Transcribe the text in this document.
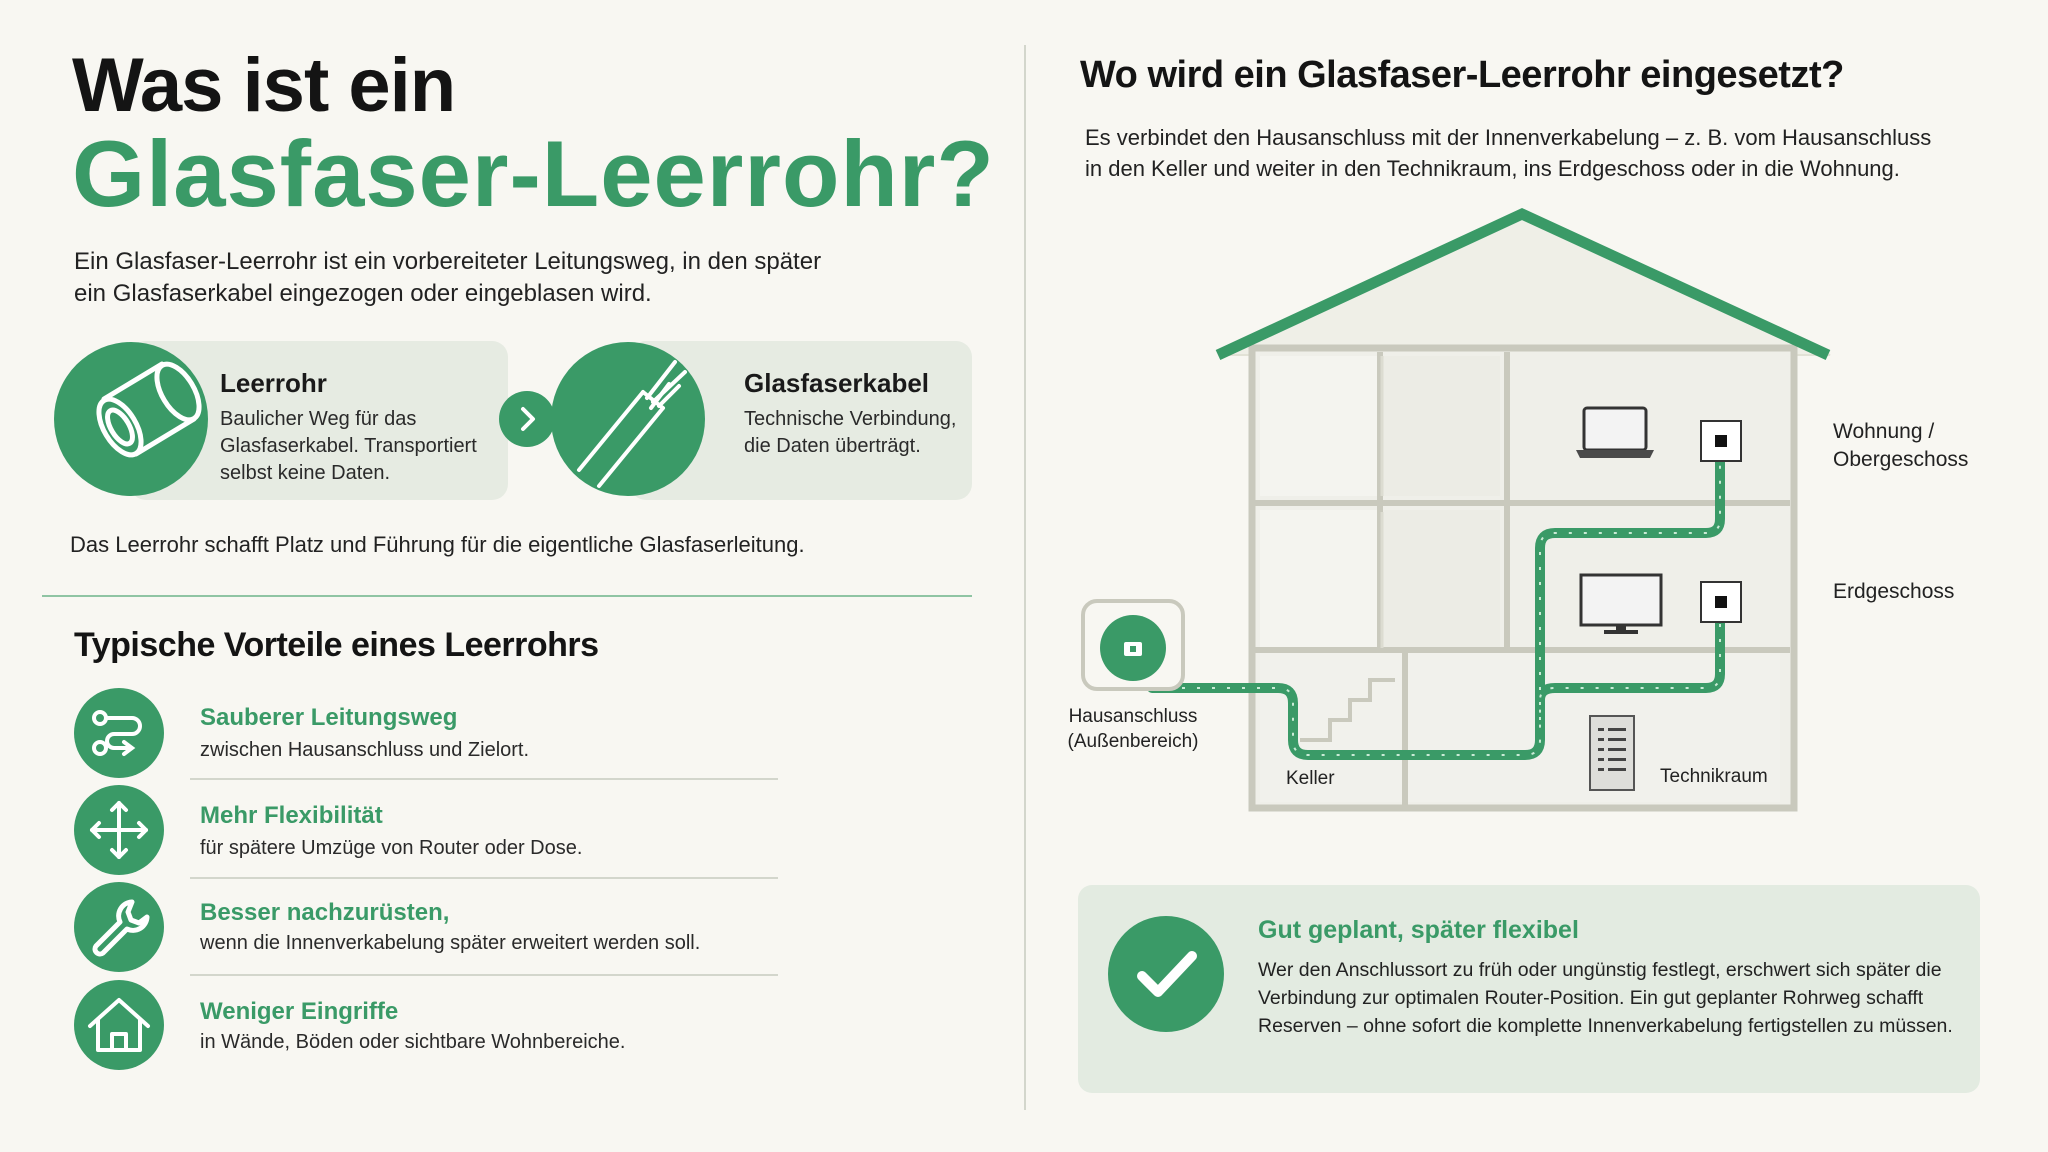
Was ist ein
Glasfaser-Leerrohr?
Ein Glasfaser-Leerrohr ist ein vorbereiteter Leitungsweg, in den später ein Glasfaserkabel eingezogen oder eingeblasen wird.
Leerrohr
Baulicher Weg für das Glasfaserkabel. Transportiert selbst keine Daten.
Glasfaserkabel
Technische Verbindung, die Daten überträgt.
Das Leerrohr schafft Platz und Führung für die eigentliche Glasfaserleitung.
Typische Vorteile eines Leerrohrs
Sauberer Leitungsweg
zwischen Hausanschluss und Zielort.
Mehr Flexibilität
für spätere Umzüge von Router oder Dose.
Besser nachzurüsten,
wenn die Innenverkabelung später erweitert werden soll.
Weniger Eingriffe
in Wände, Böden oder sichtbare Wohnbereiche.
Wo wird ein Glasfaser-Leerrohr eingesetzt?
Es verbindet den Hausanschluss mit der Innenverkabelung – z. B. vom Hausanschluss in den Keller und weiter in den Technikraum, ins Erdgeschoss oder in die Wohnung.
Wohnung /
Obergeschoss
Erdgeschoss
Hausanschluss
(Außenbereich)
Keller	Technikraum
Gut geplant, später flexibel
Wer den Anschlussort zu früh oder ungünstig festlegt, erschwert sich später die Verbindung zur optimalen Router-Position. Ein gut geplanter Rohrweg schafft Reserven – ohne sofort die komplette Innenverkabelung fertigstellen zu müssen.
